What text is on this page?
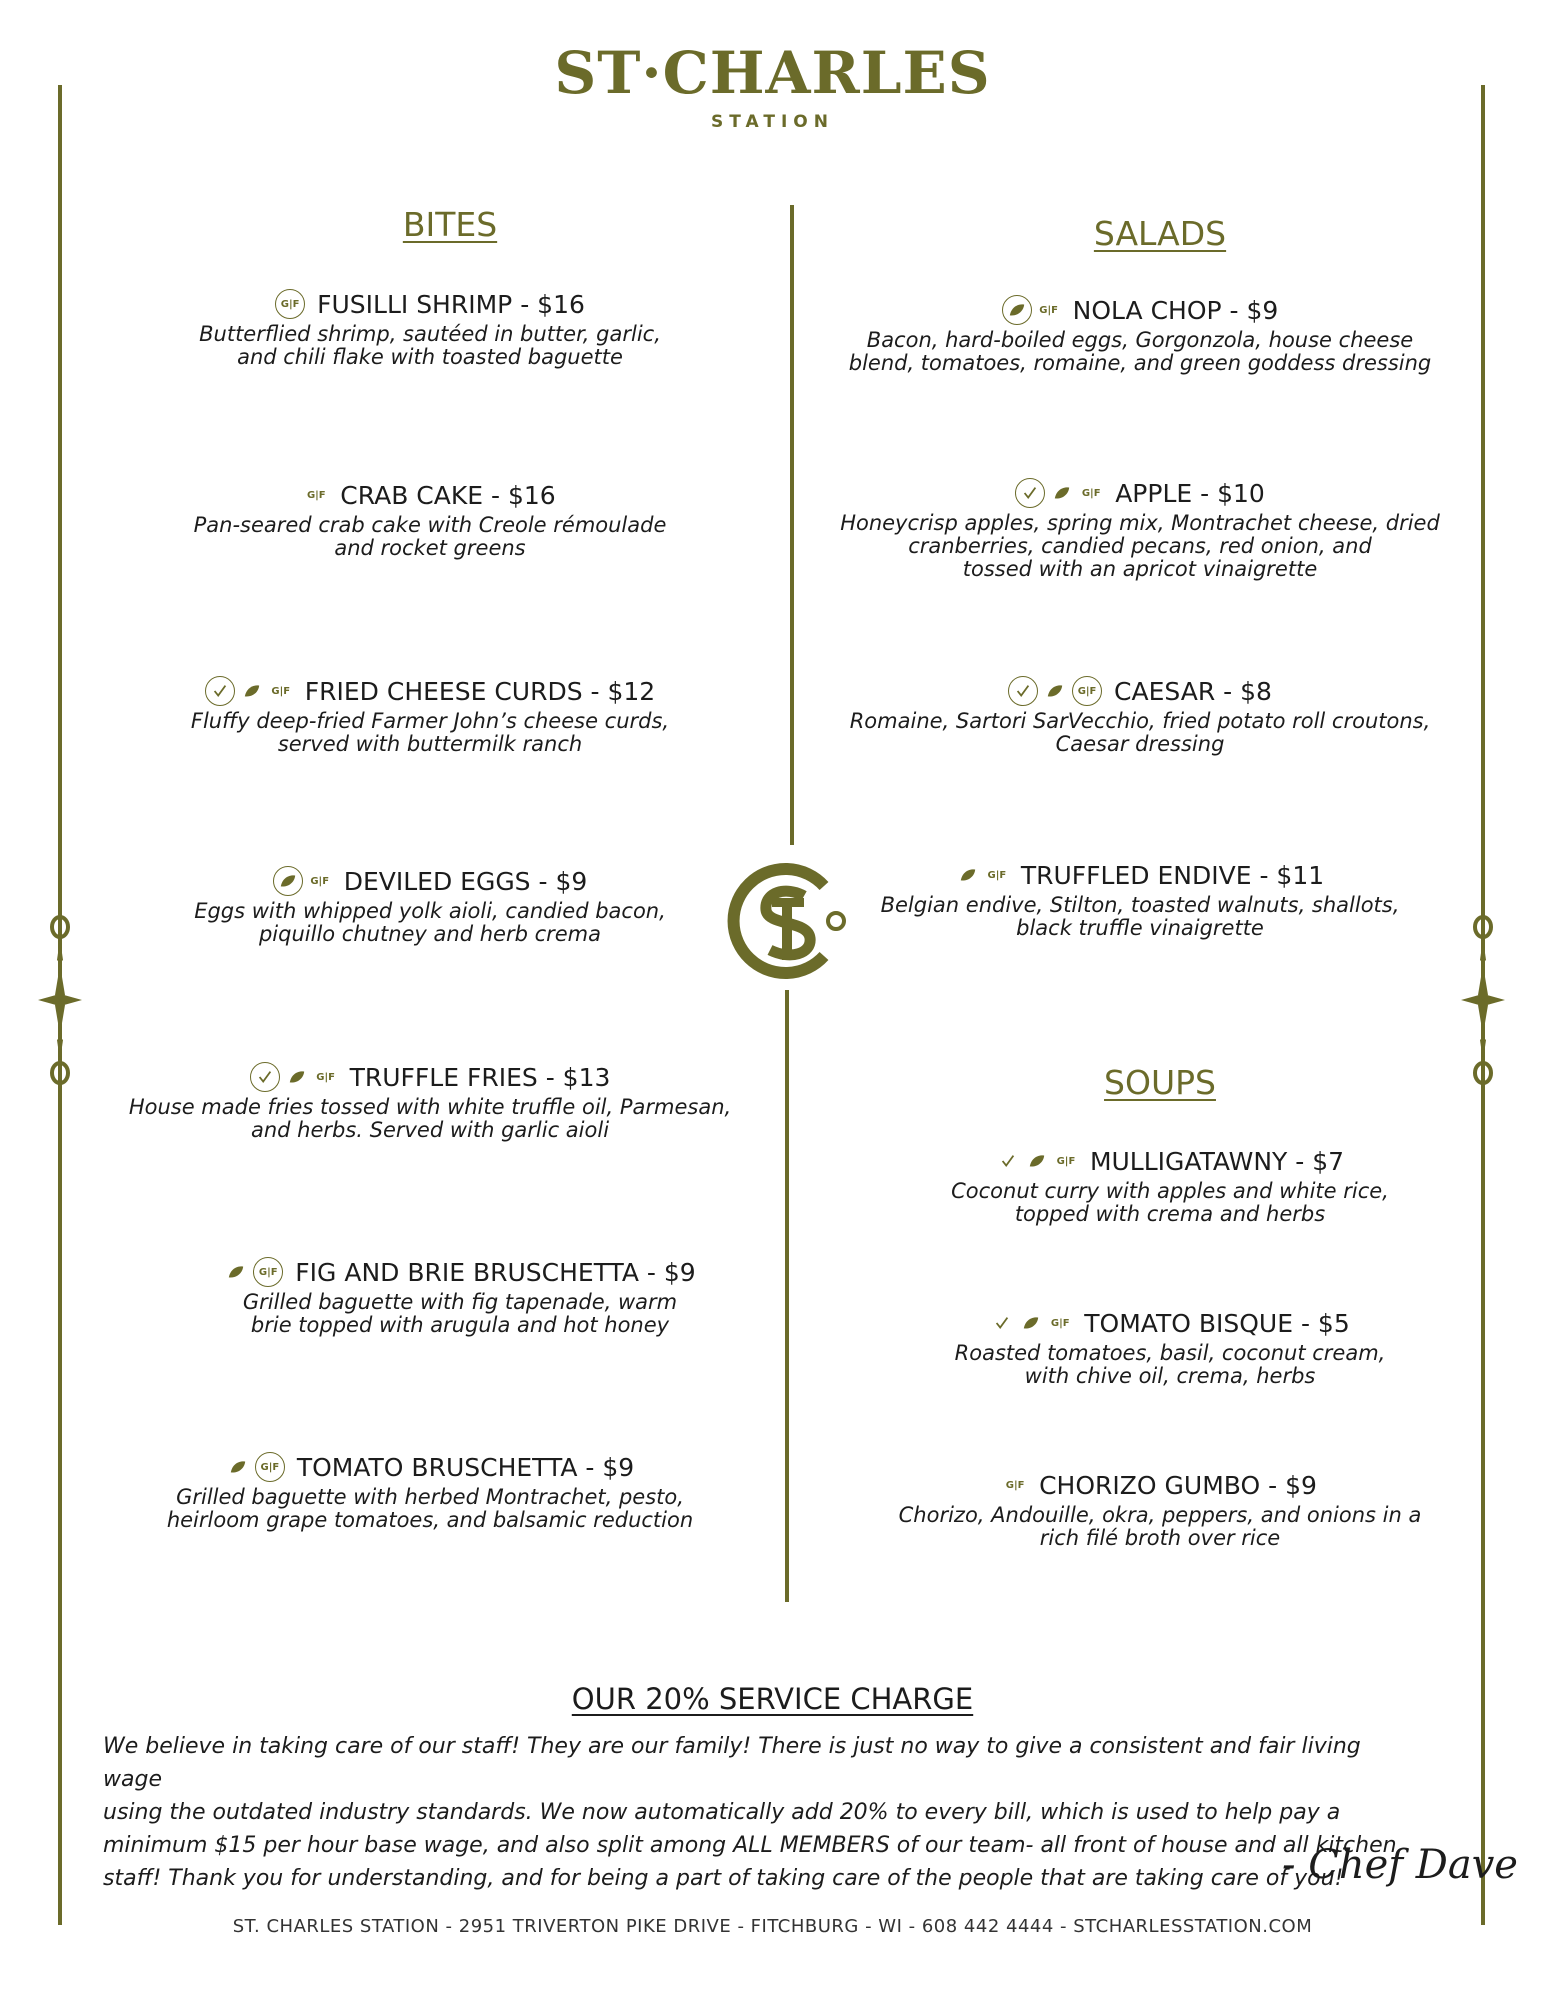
ST·CHARLES
STATION
BITES	SALADS
SOUPS
G|F FUSILLI SHRIMP - $16
Butterflied shrimp, sautéed in butter, garlic,
and chili flake with toasted baguette
G|F CRAB CAKE - $16
Pan-seared crab cake with Creole rémoulade
and rocket greens
G|F FRIED CHEESE CURDS - $12
Fluffy deep-fried Farmer John’s cheese curds,
served with buttermilk ranch
G|F DEVILED EGGS - $9
Eggs with whipped yolk aioli, candied bacon,
piquillo chutney and herb crema
G|F TRUFFLE FRIES - $13
House made fries tossed with white truffle oil, Parmesan,
and herbs. Served with garlic aioli
G|F FIG AND BRIE BRUSCHETTA - $9
Grilled baguette with fig tapenade, warm
brie topped with arugula and hot honey
G|F TOMATO BRUSCHETTA - $9
Grilled baguette with herbed Montrachet, pesto,
heirloom grape tomatoes, and balsamic reduction
G|F NOLA CHOP - $9
Bacon, hard-boiled eggs, Gorgonzola, house cheese
blend, tomatoes, romaine, and green goddess dressing
G|F APPLE - $10
Honeycrisp apples, spring mix, Montrachet cheese, dried
cranberries, candied pecans, red onion, and
tossed with an apricot vinaigrette
G|F CAESAR - $8
Romaine, Sartori SarVecchio, fried potato roll croutons,
Caesar dressing
G|F TRUFFLED ENDIVE - $11
Belgian endive, Stilton, toasted walnuts, shallots,
black truffle vinaigrette
G|F MULLIGATAWNY - $7
Coconut curry with apples and white rice,
topped with crema and herbs
G|F TOMATO BISQUE - $5
Roasted tomatoes, basil, coconut cream,
with chive oil, crema, herbs
G|F CHORIZO GUMBO - $9
Chorizo, Andouille, okra, peppers, and onions in a
rich filé broth over rice
OUR 20% SERVICE CHARGE
We believe in taking care of our staff! They are our family! There is just no way to give a consistent and fair living wage
using the outdated industry standards. We now automatically add 20% to every bill, which is used to help pay a
minimum $15 per hour base wage, and also split among ALL MEMBERS of our team- all front of house and all kitchen
staff! Thank you for understanding, and for being a part of taking care of the people that are taking care of you!
- Chef Dave
ST. CHARLES STATION - 2951 TRIVERTON PIKE DRIVE - FITCHBURG - WI - 608 442 4444 - STCHARLESSTATION.COM
